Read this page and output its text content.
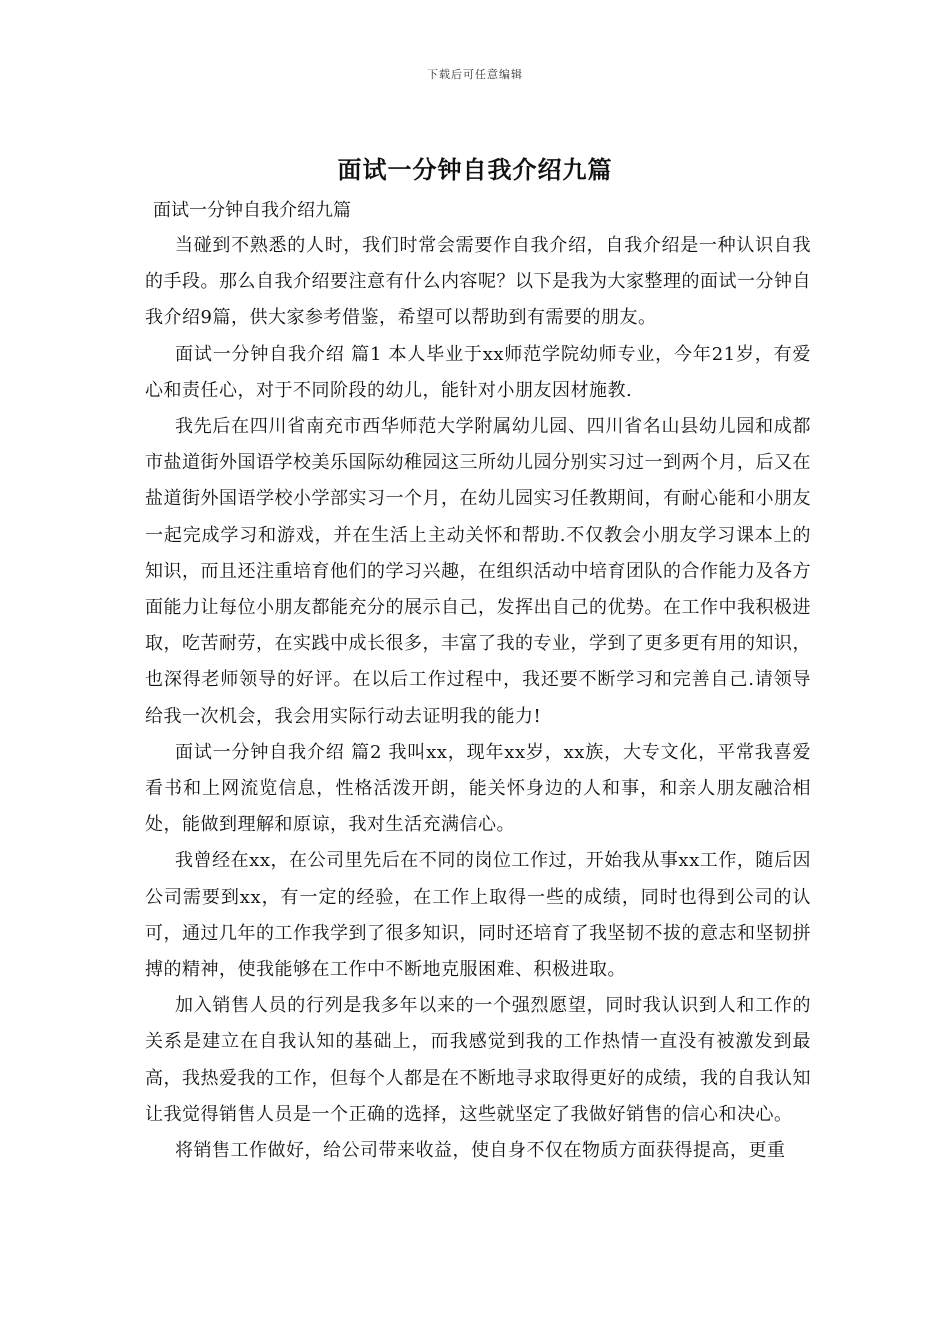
下载后可任意编辑
面试一分钟自我介绍九篇
面试一分钟自我介绍九篇

当碰到不熟悉的人时，我们时常会需要作自我介绍，自我介绍是一种认识自我的手段。那么自我介绍要注意有什么内容呢？以下是我为大家整理的面试一分钟自我介绍9篇，供大家参考借鉴，希望可以帮助到有需要的朋友。

面试一分钟自我介绍 篇1 本人毕业于xx师范学院幼师专业，今年21岁，有爱心和责任心，对于不同阶段的幼儿，能针对小朋友因材施教.

我先后在四川省南充市西华师范大学附属幼儿园、四川省名山县幼儿园和成都市盐道街外国语学校美乐国际幼稚园这三所幼儿园分别实习过一到两个月，后又在盐道街外国语学校小学部实习一个月，在幼儿园实习任教期间，有耐心能和小朋友一起完成学习和游戏，并在生活上主动关怀和帮助.不仅教会小朋友学习课本上的知识，而且还注重培育他们的学习兴趣，在组织活动中培育团队的合作能力及各方面能力让每位小朋友都能充分的展示自己，发挥出自己的优势。在工作中我积极进取，吃苦耐劳，在实践中成长很多，丰富了我的专业，学到了更多更有用的知识，也深得老师领导的好评。在以后工作过程中，我还要不断学习和完善自己.请领导给我一次机会，我会用实际行动去证明我的能力!

面试一分钟自我介绍 篇2 我叫xx，现年xx岁，xx族，大专文化，平常我喜爱看书和上网流览信息，性格活泼开朗，能关怀身边的人和事，和亲人朋友融洽相处，能做到理解和原谅，我对生活充满信心。

我曾经在xx，在公司里先后在不同的岗位工作过，开始我从事xx工作，随后因公司需要到xx，有一定的经验，在工作上取得一些的成绩，同时也得到公司的认可，通过几年的工作我学到了很多知识，同时还培育了我坚韧不拔的意志和坚韧拼搏的精神，使我能够在工作中不断地克服困难、积极进取。

加入销售人员的行列是我多年以来的一个强烈愿望，同时我认识到人和工作的关系是建立在自我认知的基础上，而我感觉到我的工作热情一直没有被激发到最高，我热爱我的工作，但每个人都是在不断地寻求取得更好的成绩，我的自我认知让我觉得销售人员是一个正确的选择，这些就坚定了我做好销售的信心和决心。

将销售工作做好，给公司带来收益，使自身不仅在物质方面获得提高，更重
